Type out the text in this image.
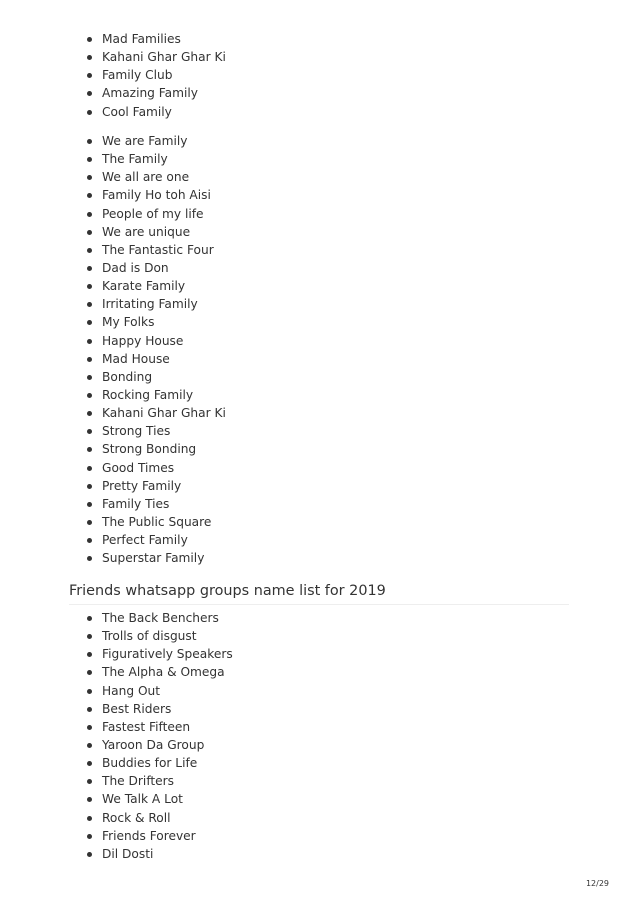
Mad Families
Kahani Ghar Ghar Ki
Family Club
Amazing Family
Cool Family
We are Family
The Family
We all are one
Family Ho toh Aisi
People of my life
We are unique
The Fantastic Four
Dad is Don
Karate Family
Irritating Family
My Folks
Happy House
Mad House
Bonding
Rocking Family
Kahani Ghar Ghar Ki
Strong Ties
Strong Bonding
Good Times
Pretty Family
Family Ties
The Public Square
Perfect Family
Superstar Family
Friends whatsapp groups name list for 2019
The Back Benchers
Trolls of disgust
Figuratively Speakers
The Alpha & Omega
Hang Out
Best Riders
Fastest Fifteen
Yaroon Da Group
Buddies for Life
The Drifters
We Talk A Lot
Rock & Roll
Friends Forever
Dil Dosti
12/29
